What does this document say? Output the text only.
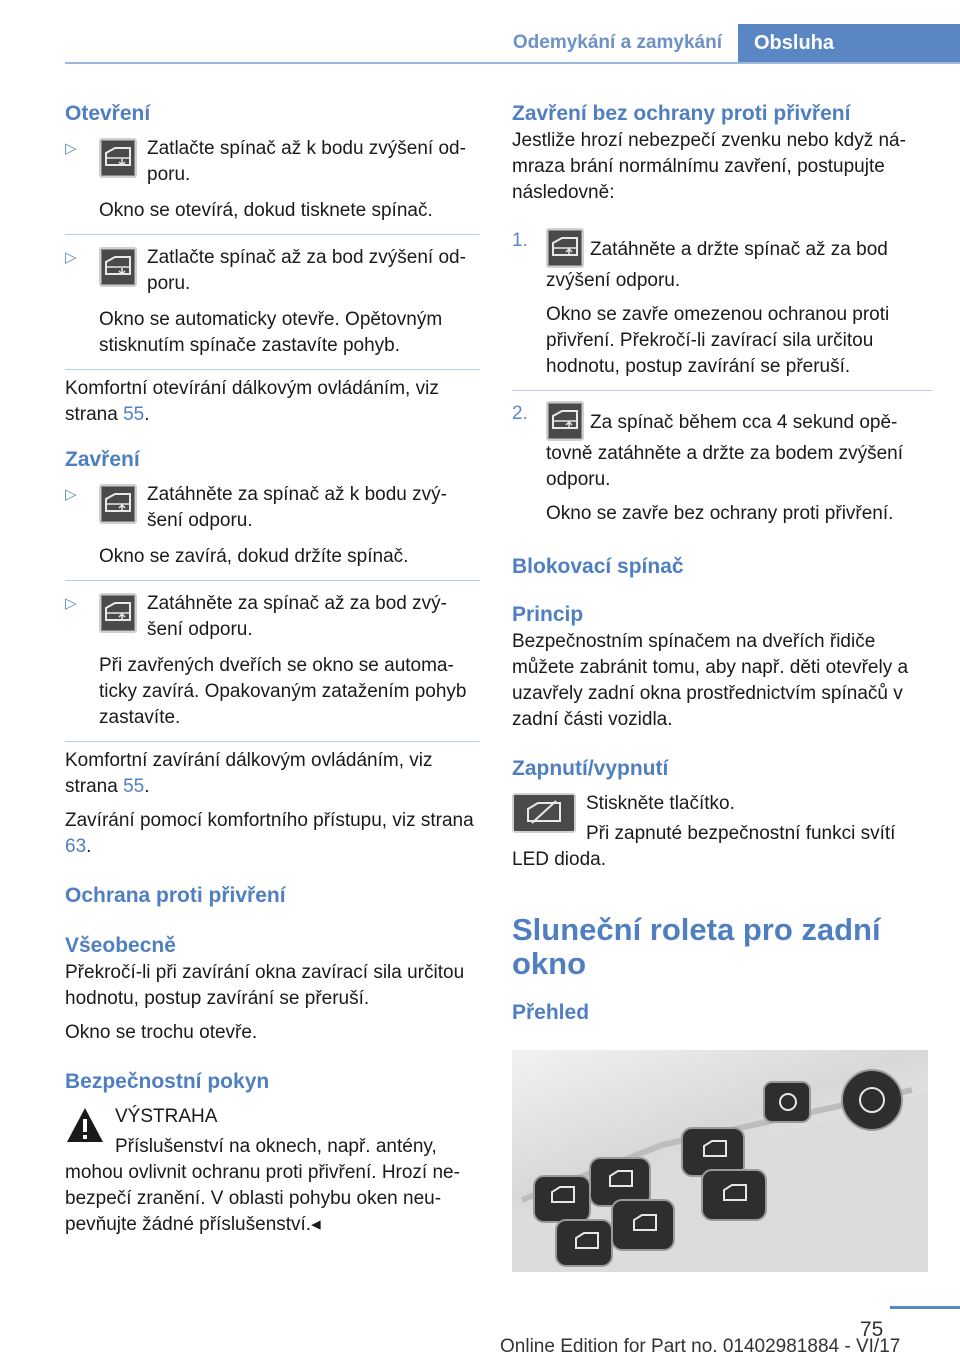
Odemykání a zamykání	Obsluha
Otevření
▷	Zatlačte spínač až k bodu zvýšení od-poru.

Okno se otevírá, dokud tisknete spínač.

▷	Zatlačte spínač až za bod zvýšení od-poru.

Okno se automaticky otevře. Opětovným stisknutím spínače zastavíte pohyb.

Komfortní otevírání dálkovým ovládáním, viz strana 55.

Zavření
▷	Zatáhněte za spínač až k bodu zvý-šení odporu.

Okno se zavírá, dokud držíte spínač.

▷	Zatáhněte za spínač až za bod zvý-šení odporu.

Při zavřených dveřích se okno se automa-ticky zavírá. Opakovaným zatažením pohyb zastavíte.

Komfortní zavírání dálkovým ovládáním, viz strana 55.

Zavírání pomocí komfortního přístupu, viz strana 63.

Ochrana proti přivření
Všeobecně

Překročí-li při zavírání okna zavírací sila určitou hodnotu, postup zavírání se přeruší.

Okno se trochu otevře.

Bezpečnostní pokyn

VÝSTRAHA

Příslušenství na oknech, např. antény, mohou ovlivnit ochranu proti přivření. Hrozí ne-bezpečí zranění. V oblasti pohybu oken neu-pevňujte žádné příslušenství.◂

Zavření bez ochrany proti přivření

Jestliže hrozí nebezpečí zvenku nebo když ná-mraza brání normálnímu zavření, postupujte následovně:

1.	Zatáhněte a držte spínač až za bod zvýšení odporu.

Okno se zavře omezenou ochranou proti přivření. Překročí-li zavírací sila určitou hodnotu, postup zavírání se přeruší.

2.	Za spínač během cca 4 sekund opě-tovně zatáhněte a držte za bodem zvýšení odporu.

Okno se zavře bez ochrany proti přivření.

Blokovací spínač
Princip

Bezpečnostním spínačem na dveřích řidiče můžete zabránit tomu, aby např. děti otevřely a uzavřely zadní okna prostřednictvím spínačů v zadní části vozidla.

Zapnutí/vypnutí

Stiskněte tlačítko.

Při zapnuté bezpečnostní funkci svítí LED dioda.

Sluneční roleta pro zadní okno
Přehled
75
Online Edition for Part no. 01402981884 - VI/17
